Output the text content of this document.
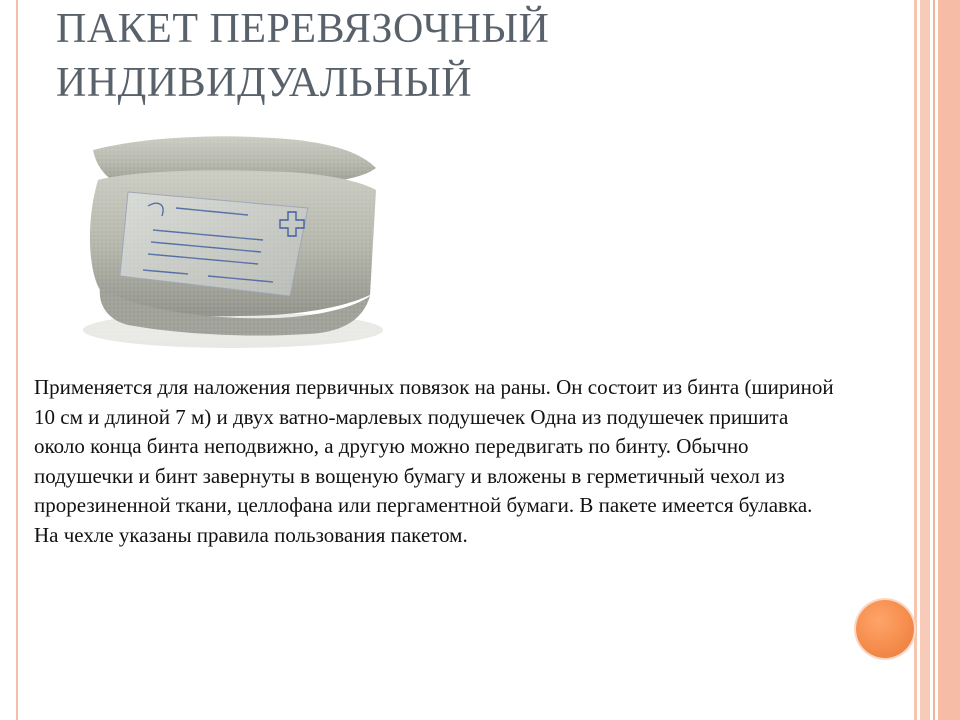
ПАКЕТ ПЕРЕВЯЗОЧНЫЙ
ИНДИВИДУАЛЬНЫЙ

Применяется для наложения первичных повязок на раны. Он состоит из бинта (шириной 10 см и длиной 7 м) и двух ватно-марлевых подушечек Одна из подушечек пришита около конца бинта неподвижно, а другую можно передвигать по бинту. Обычно подушечки и бинт завернуты в вощеную бумагу и вложены в герметичный чехол из прорезиненной ткани, целлофана или пергаментной бумаги. В пакете имеется булавка. На чехле указаны правила пользования пакетом.
